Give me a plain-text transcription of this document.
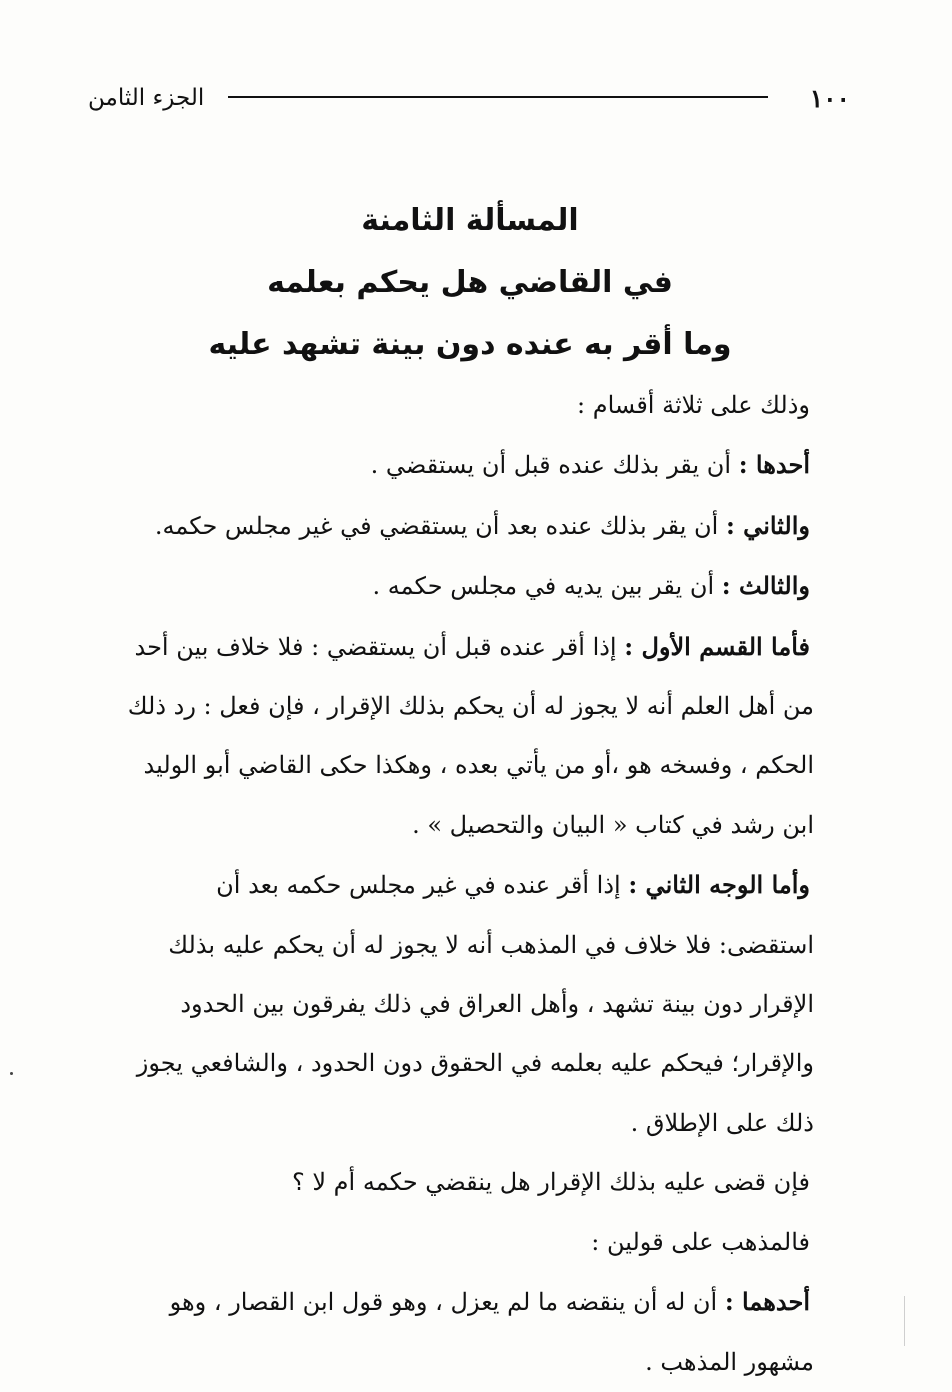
١٠٠
الجزء الثامن

المسألة الثامنة

في القاضي هل يحكم بعلمه

وما أقر به عنده دون بينة تشهد عليه

وذلك على ثلاثة أقسام :
أحدها : أن يقر بذلك عنده قبل أن يستقضي .
والثاني : أن يقر بذلك عنده بعد أن يستقضي في غير مجلس حكمه.
والثالث : أن يقر بين يديه في مجلس حكمه .
فأما القسم الأول : إذا أقر عنده قبل أن يستقضي : فلا خلاف بين أحد
من أهل العلم أنه لا يجوز له أن يحكم بذلك الإقرار ، فإن فعل : رد ذلك
الحكم ، وفسخه هو ،أو من يأتي بعده ، وهكذا حكى القاضي أبو الوليد
ابن رشد في كتاب « البيان والتحصيل » .
وأما الوجه الثاني : إذا أقر عنده في غير مجلس حكمه بعد أن
استقضى: فلا خلاف في المذهب أنه لا يجوز له أن يحكم عليه بذلك
الإقرار دون بينة تشهد ، وأهل العراق في ذلك يفرقون بين الحدود
والإقرار؛ فيحكم عليه بعلمه في الحقوق دون الحدود ، والشافعي يجوز
ذلك على الإطلاق .
فإن قضى عليه بذلك الإقرار هل ينقضي حكمه أم لا ؟
فالمذهب على قولين :
أحدهما : أن له أن ينقضه ما لم يعزل ، وهو قول ابن القصار ، وهو
مشهور المذهب .
